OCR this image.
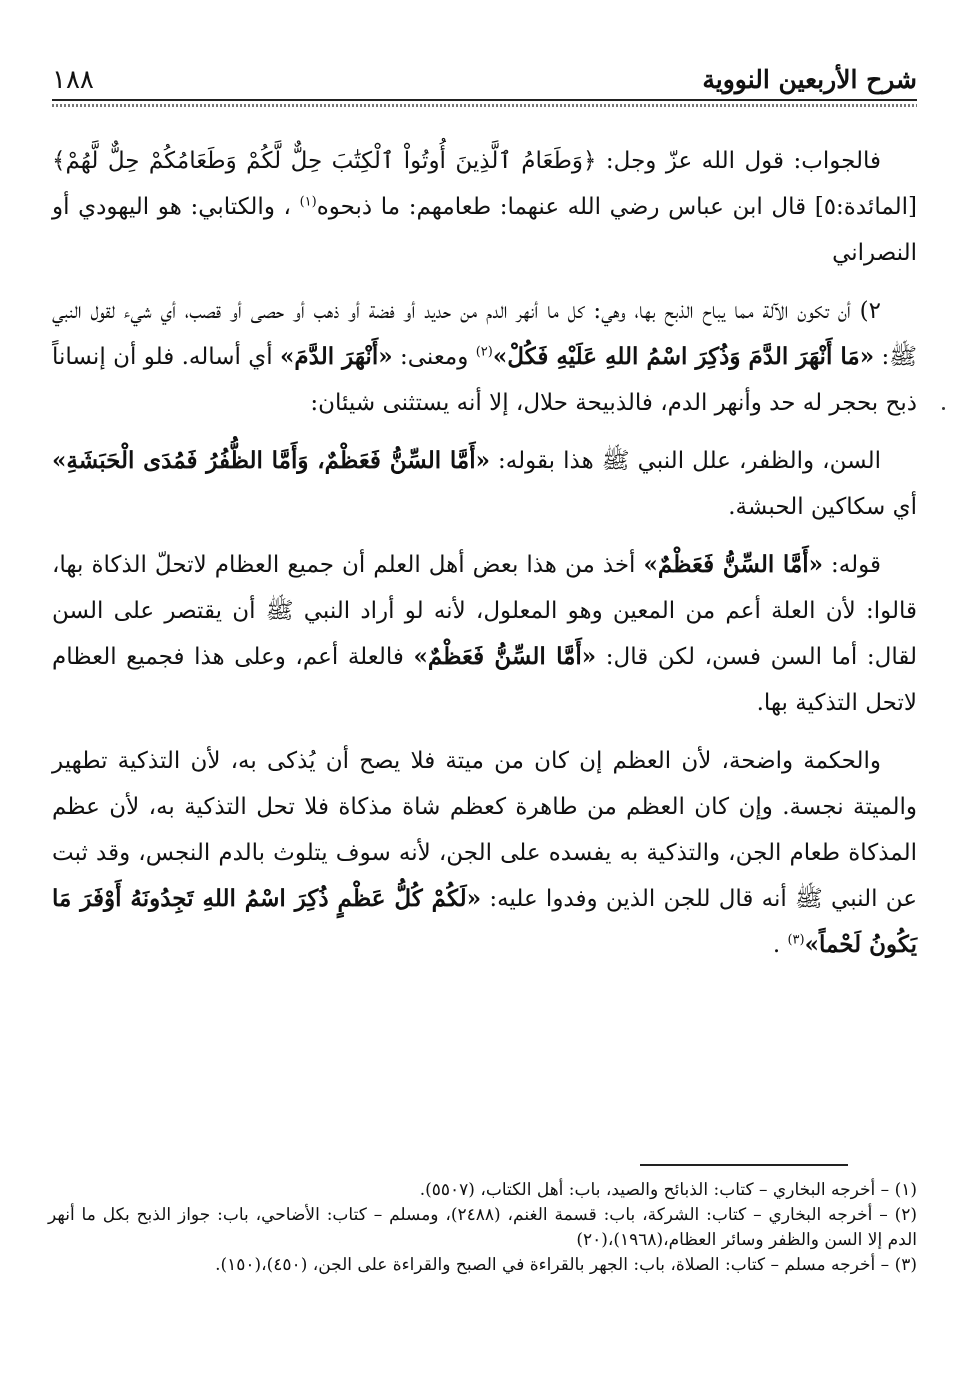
شرح الأربعين النووية
١٨٨

فالجواب: قول الله عزّ وجل: ﴿وَطَعَامُ ٱلَّذِينَ أُوتُواْ ٱلْكِتَٰبَ حِلٌّ لَّكُمْ وَطَعَامُكُمْ حِلٌّ لَّهُمْ﴾ [المائدة:٥] قال ابن عباس رضي الله عنهما: طعامهم: ما ذبحوه$^{(١)}$ ، والكتابي: هو اليهودي أو النصراني

٢) أن تكون الآلة مما يباح الذبح بها، وهي: كل ما أنهر الدم من حديد أو فضة أو ذهب أو حصى أو قصب، أي شيء لقول النبي ﷺ: «مَا أَنْهَرَ الدَّمَ وَذُكِرَ اسْمُ اللهِ عَلَيْهِ فَكُلْ»$^{(٢)}$ ومعنى: «أَنْهَرَ الدَّمَ» أي أساله. فلو أن إنساناً ذبح بحجر له حد وأنهر الدم، فالذبيحة حلال، إلا أنه يستثنى شيئان:

السن، والظفر، علل النبي ﷺ هذا بقوله: «أَمَّا السِّنُّ فَعَظْمٌ، وَأَمَّا الظُّفُرُ فَمُدَى الْحَبَشَةِ» أي سكاكين الحبشة.

قوله: «أَمَّا السِّنُّ فَعَظْمٌ» أخذ من هذا بعض أهل العلم أن جميع العظام لاتحلّ الذكاة بها، قالوا: لأن العلة أعم من المعين وهو المعلول، لأنه لو أراد النبي ﷺ أن يقتصر على السن لقال: أما السن فسن، لكن قال: «أَمَّا السِّنُّ فَعَظْمٌ» فالعلة أعم، وعلى هذا فجميع العظام لاتحل التذكية بها.

والحكمة واضحة، لأن العظم إن كان من ميتة فلا يصح أن يُذكى به، لأن التذكية تطهير والميتة نجسة. وإن كان العظم من طاهرة كعظم شاة مذكاة فلا تحل التذكية به، لأن عظم المذكاة طعام الجن، والتذكية به يفسده على الجن، لأنه سوف يتلوث بالدم النجس، وقد ثبت عن النبي ﷺ أنه قال للجن الذين وفدوا عليه: «لَكُمْ كُلُّ عَظْمٍ ذُكِرَ اسْمُ اللهِ تَجِدُونَهُ أَوْفَرَ مَا يَكُونُ لَحْماً»$^{(٣)}$ .

(١) – أخرجه البخاري – كتاب: الذبائح والصيد، باب: أهل الكتاب، (٥٥٠٧).

(٢) – أخرجه البخاري – كتاب: الشركة، باب: قسمة الغنم، (٢٤٨٨)، ومسلم – كتاب: الأضاحي، باب: جواز الذبح بكل ما أنهر الدم إلا السن والظفر وسائر العظام،(١٩٦٨)،(٢٠)

(٣) – أخرجه مسلم – كتاب: الصلاة، باب: الجهر بالقراءة في الصبح والقراءة على الجن، (٤٥٠)،(١٥٠).
